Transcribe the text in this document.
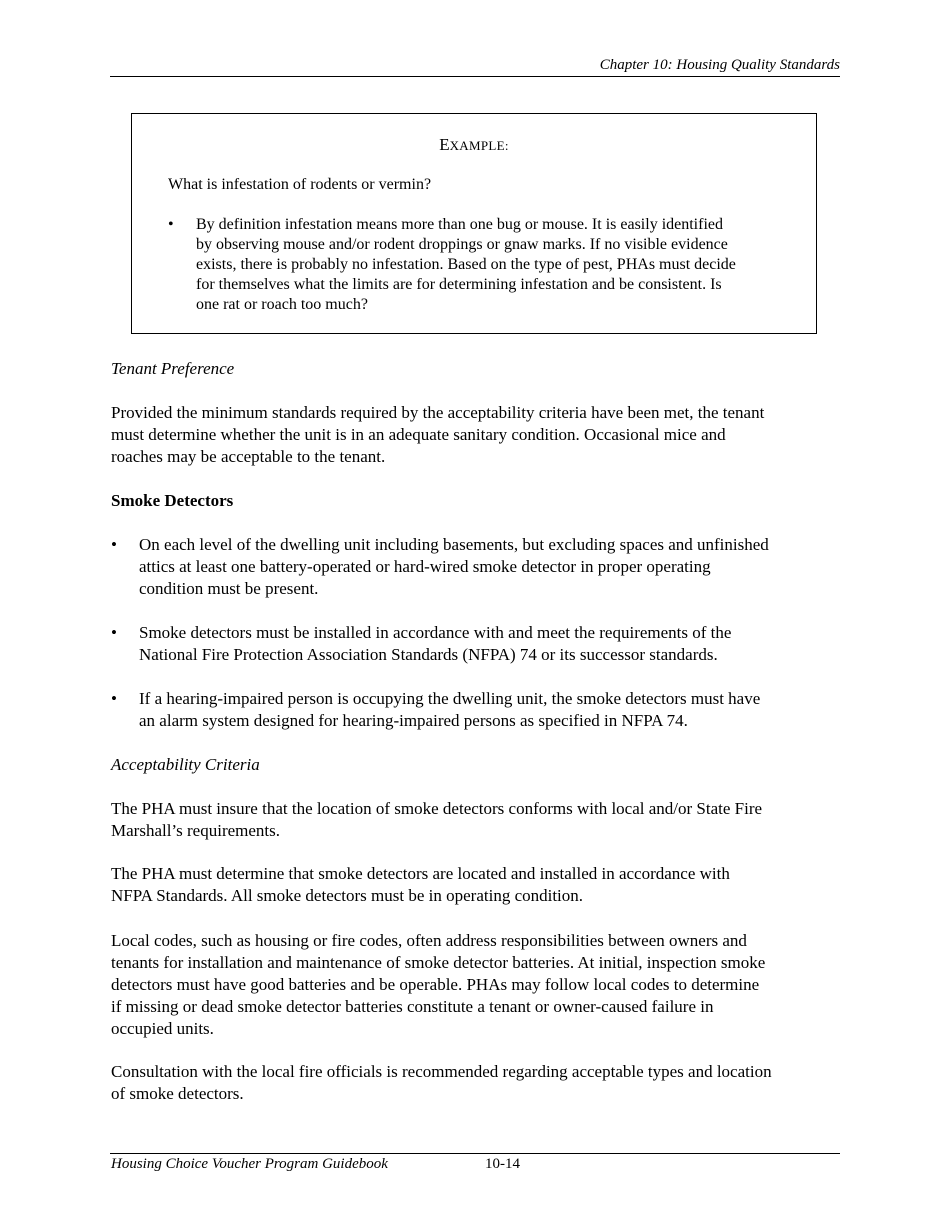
Chapter 10: Housing Quality Standards
EXAMPLE:
What is infestation of rodents or vermin?
• By definition infestation means more than one bug or mouse. It is easily identified
by observing mouse and/or rodent droppings or gnaw marks. If no visible evidence
exists, there is probably no infestation. Based on the type of pest, PHAs must decide
for themselves what the limits are for determining infestation and be consistent. Is
one rat or roach too much?
Tenant Preference
Provided the minimum standards required by the acceptability criteria have been met, the tenant
must determine whether the unit is in an adequate sanitary condition. Occasional mice and
roaches may be acceptable to the tenant.
Smoke Detectors
• On each level of the dwelling unit including basements, but excluding spaces and unfinished
attics at least one battery-operated or hard-wired smoke detector in proper operating
condition must be present.
• Smoke detectors must be installed in accordance with and meet the requirements of the
National Fire Protection Association Standards (NFPA) 74 or its successor standards.
• If a hearing-impaired person is occupying the dwelling unit, the smoke detectors must have
an alarm system designed for hearing-impaired persons as specified in NFPA 74.
Acceptability Criteria
The PHA must insure that the location of smoke detectors conforms with local and/or State Fire
Marshall’s requirements.
The PHA must determine that smoke detectors are located and installed in accordance with
NFPA Standards. All smoke detectors must be in operating condition.
Local codes, such as housing or fire codes, often address responsibilities between owners and
tenants for installation and maintenance of smoke detector batteries. At initial, inspection smoke
detectors must have good batteries and be operable. PHAs may follow local codes to determine
if missing or dead smoke detector batteries constitute a tenant or owner-caused failure in
occupied units.
Consultation with the local fire officials is recommended regarding acceptable types and location
of smoke detectors.
Housing Choice Voucher Program Guidebook	10-14
